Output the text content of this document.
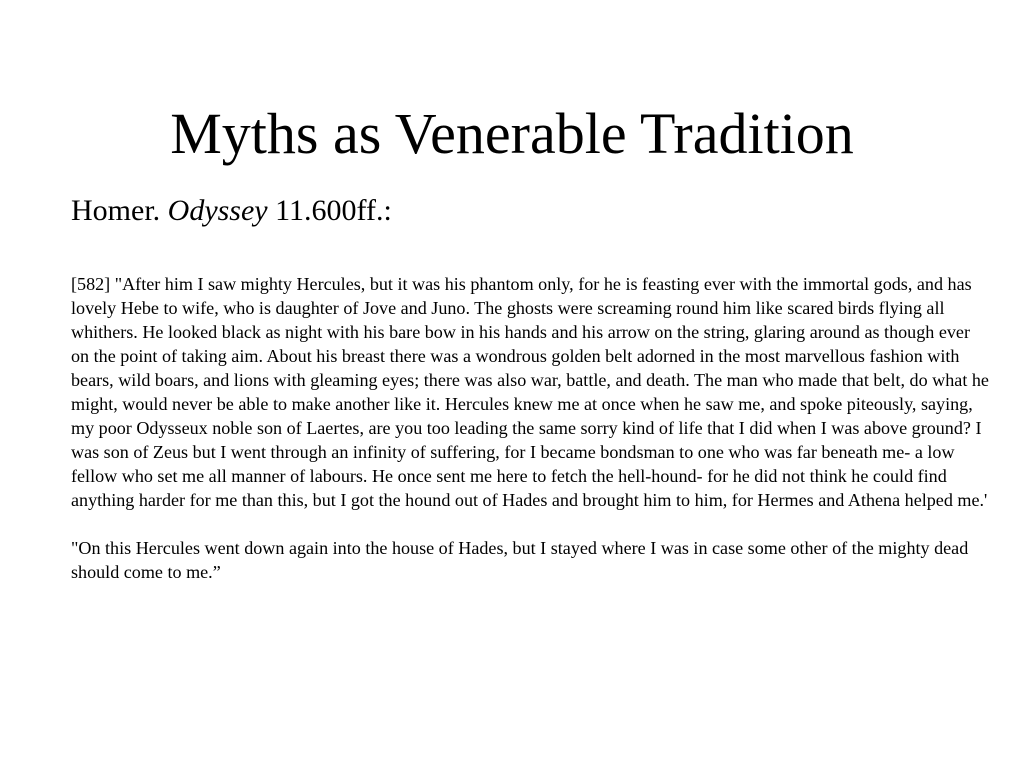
Myths as Venerable Tradition
Homer. Odyssey 11.600ff.:

[582] "After him I saw mighty Hercules, but it was his phantom only, for he is feasting ever with the immortal gods, and has lovely Hebe to wife, who is daughter of Jove and Juno. The ghosts were screaming round him like scared birds flying all whithers. He looked black as night with his bare bow in his hands and his arrow on the string, glaring around as though ever on the point of taking aim. About his breast there was a wondrous golden belt adorned in the most marvellous fashion with bears, wild boars, and lions with gleaming eyes; there was also war, battle, and death. The man who made that belt, do what he might, would never be able to make another like it. Hercules knew me at once when he saw me, and spoke piteously, saying, my poor Odysseux noble son of Laertes, are you too leading the same sorry kind of life that I did when I was above ground? I was son of Zeus but I went through an infinity of suffering, for I became bondsman to one who was far beneath me- a low fellow who set me all manner of labours. He once sent me here to fetch the hell-hound- for he did not think he could find anything harder for me than this, but I got the hound out of Hades and brought him to him, for Hermes and Athena helped me.'

"On this Hercules went down again into the house of Hades, but I stayed where I was in case some other of the mighty dead should come to me.”
